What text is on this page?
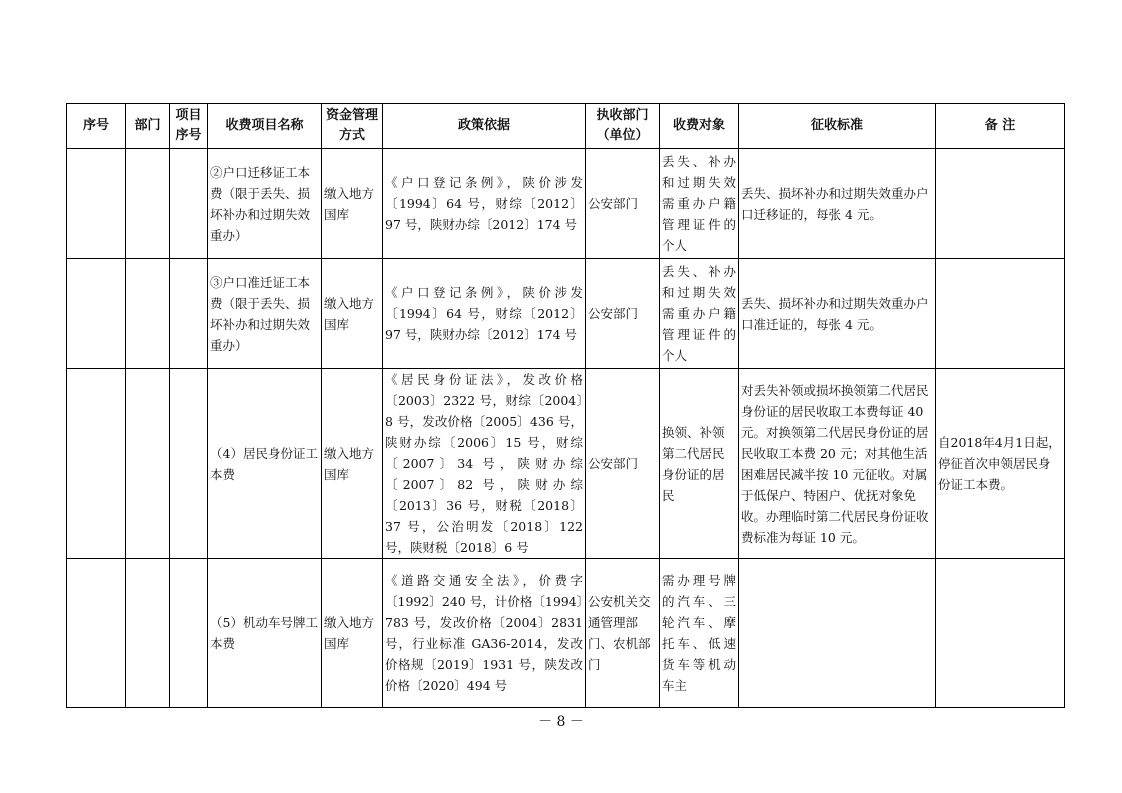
序号	部门	项目序号	收费项目名称	资金管理方式	政策依据	执收部门（单位）	收费对象	征收标准	备 注
			②户口迁移证工本费（限于丢失、损坏补办和过期失效重办）	缴入地方国库	《户口登记条例》，陕价涉发〔1994〕64 号，财综〔2012〕97 号，陕财办综〔2012〕174 号	公安部门	丢失、补办和过期失效需重办户籍管理证件的个人	丢失、损坏补办和过期失效重办户口迁移证的，每张 4 元。	
			③户口准迁证工本费（限于丢失、损坏补办和过期失效重办）	缴入地方国库	《户口登记条例》，陕价涉发〔1994〕64 号，财综〔2012〕97 号，陕财办综〔2012〕174 号	公安部门	丢失、补办和过期失效需重办户籍管理证件的个人	丢失、损坏补办和过期失效重办户口准迁证的，每张 4 元。	
			（4）居民身份证工本费	缴入地方国库	《居民身份证法》，发改价格〔2003〕2322 号，财综〔2004〕8 号，发改价格〔2005〕436 号，陕财办综〔2006〕15 号，财综〔2007〕34 号，陕财办综〔2007〕82 号，陕财办综〔2013〕36 号，财税〔2018〕37 号，公治明发〔2018〕122 号，陕财税〔2018〕6 号	公安部门	换领、补领第二代居民身份证的居民	对丢失补领或损坏换领第二代居民身份证的居民收取工本费每证 40 元。对换领第二代居民身份证的居民收取工本费 20 元；对其他生活困难居民减半按 10 元征收。对属于低保户、特困户、优抚对象免收。办理临时第二代居民身份证收费标准为每证 10 元。	自2018年4月1日起，停征首次申领居民身份证工本费。
			（5）机动车号牌工本费	缴入地方国库	《道路交通安全法》，价费字〔1992〕240 号，计价格〔1994〕783 号，发改价格〔2004〕2831 号，行业标准 GA36-2014，发改价格规〔2019〕1931 号，陕发改价格〔2020〕494 号	公安机关交通管理部门、农机部门	需办理号牌的汽车、三轮汽车、摩托车、低速货车等机动车主		
－ 8 －
